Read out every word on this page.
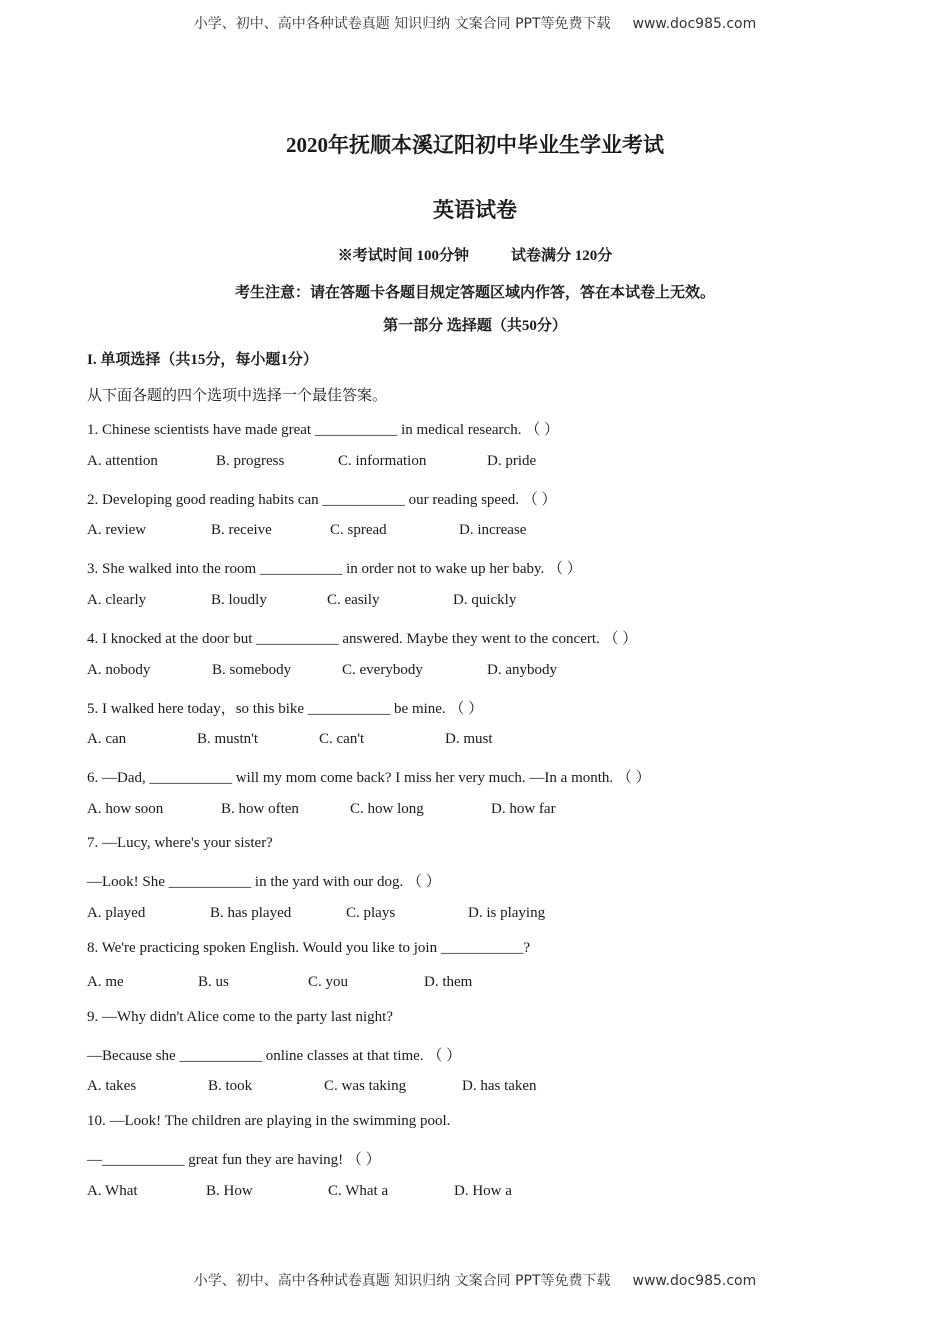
小学、初中、高中各种试卷真题 知识归纳 文案合同 PPT等免费下载 www.doc985.com
2020年抚顺本溪辽阳初中毕业生学业考试
英语试卷
※考试时间 100分钟	试卷满分 120分
考生注意：请在答题卡各题目规定答题区域内作答，答在本试卷上无效。
第一部分 选择题（共50分）
I. 单项选择（共15分，每小题1分）
从下面各题的四个选项中选择一个最佳答案。
1. Chinese scientists have made great ___________ in medical research. （ ）
A. attention	B. progress	C. information	D. pride
2. Developing good reading habits can ___________ our reading speed. （ ）
A. review	B. receive	C. spread	D. increase
3. She walked into the room ___________ in order not to wake up her baby. （ ）
A. clearly	B. loudly	C. easily	D. quickly
4. I knocked at the door but ___________ answered. Maybe they went to the concert. （ ）
A. nobody	B. somebody	C. everybody	D. anybody
5. I walked here today，so this bike ___________ be mine. （ ）
A. can	B. mustn't	C. can't	D. must
6. —Dad, ___________ will my mom come back? I miss her very much. —In a month. （ ）
A. how soon	B. how often	C. how long	D. how far
7. —Lucy, where's your sister?
—Look! She ___________ in the yard with our dog. （ ）
A. played	B. has played	C. plays	D. is playing
8. We're practicing spoken English. Would you like to join ___________?
A. me	B. us	C. you	D. them
9. —Why didn't Alice come to the party last night?
—Because she ___________ online classes at that time. （ ）
A. takes	B. took	C. was taking	D. has taken
10. —Look! The children are playing in the swimming pool.
—___________ great fun they are having! （ ）
A. What	B. How	C. What a	D. How a
小学、初中、高中各种试卷真题 知识归纳 文案合同 PPT等免费下载 www.doc985.com
